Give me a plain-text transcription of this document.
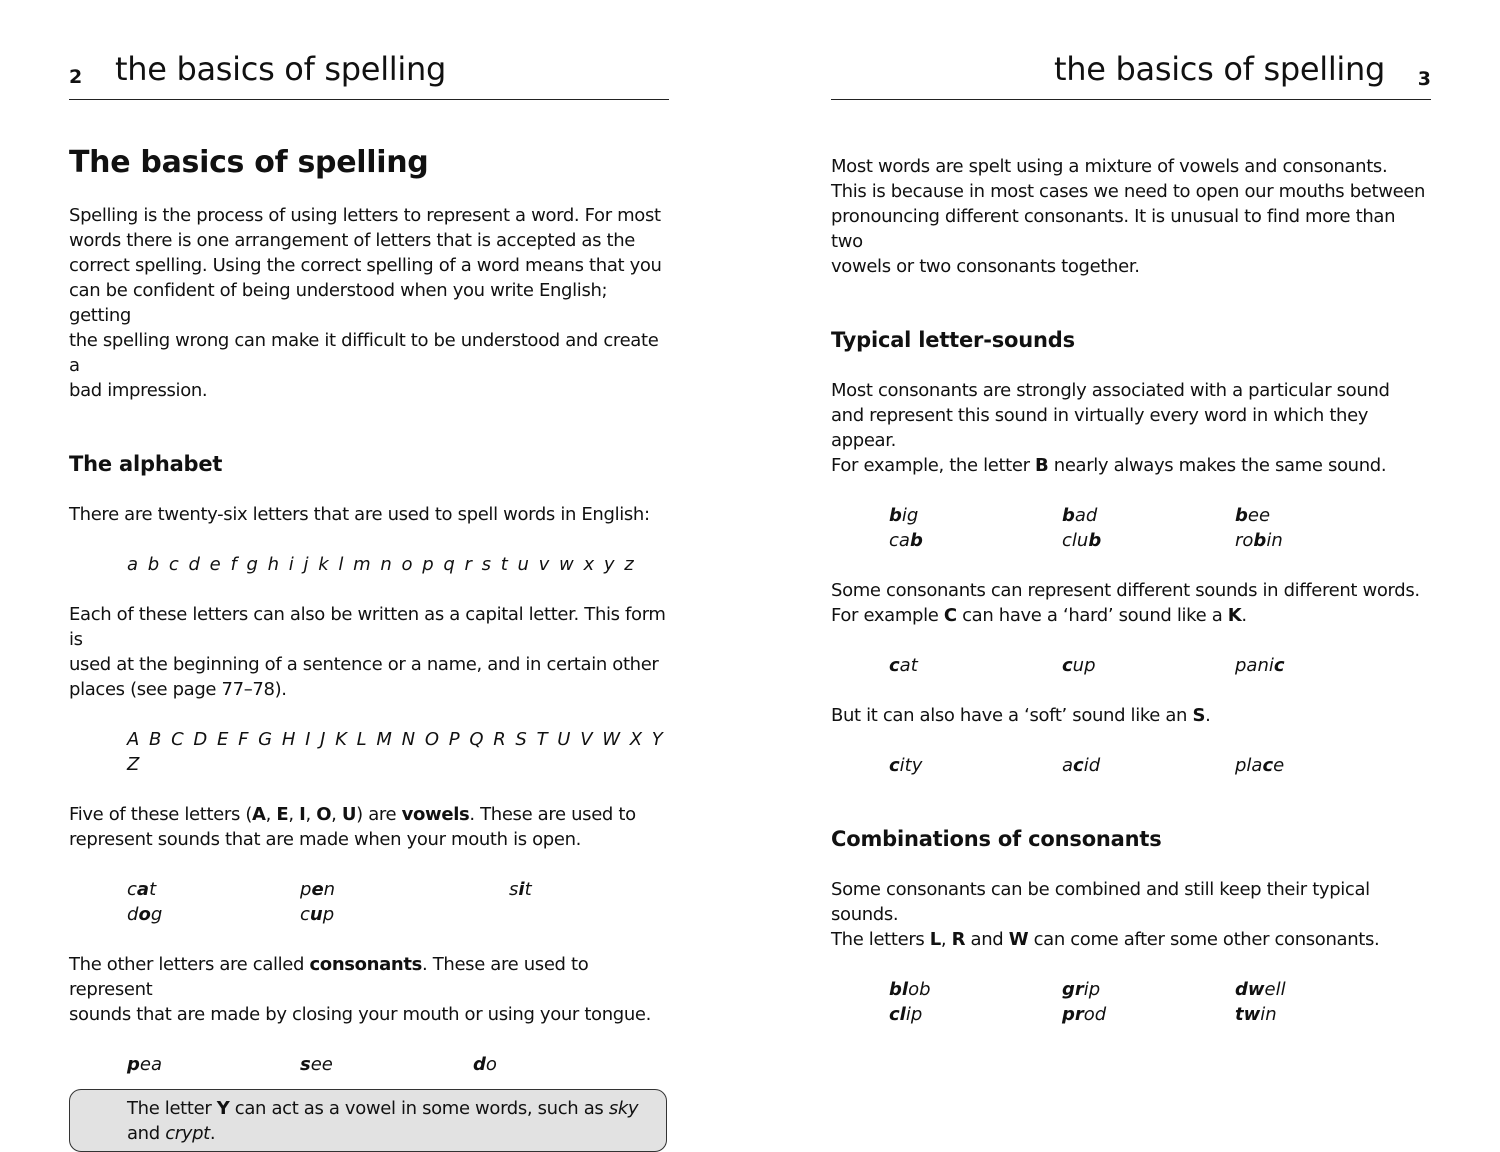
2 the basics of spelling
The basics of spelling

Spelling is the process of using letters to represent a word. For most

words there is one arrangement of letters that is accepted as the

correct spelling. Using the correct spelling of a word means that you

can be confident of being understood when you write English; getting

the spelling wrong can make it difficult to be understood and create a

bad impression.

The alphabet

There are twenty-six letters that are used to spell words in English:

a b c d e f g h i j k l m n o p q r s t u v w x y z

Each of these letters can also be written as a capital letter. This form is

used at the beginning of a sentence or a name, and in certain other

places (see page 77–78).

A B C D E F G H I J K L M N O P Q R S T U V W X Y Z

Five of these letters (A, E, I, O, U) are vowels. These are used to

represent sounds that are made when your mouth is open.

cat	pen	sit
dog	cup

The other letters are called consonants. These are used to represent

sounds that are made by closing your mouth or using your tongue.

pea	see	do

The letter Y can act as a vowel in some words, such as sky

and crypt.

the basics of spelling 3

Most words are spelt using a mixture of vowels and consonants.

This is because in most cases we need to open our mouths between

pronouncing different consonants. It is unusual to find more than two

vowels or two consonants together.

Typical letter-sounds

Most consonants are strongly associated with a particular sound

and represent this sound in virtually every word in which they appear.

For example, the letter B nearly always makes the same sound.

big	bad	bee
cab	club	robin

Some consonants can represent different sounds in different words.

For example C can have a ‘hard’ sound like a K.

cat	cup	panic

But it can also have a ‘soft’ sound like an S.

city	acid	place
Combinations of consonants

Some consonants can be combined and still keep their typical sounds.

The letters L, R and W can come after some other consonants.

blob	grip	dwell
clip	prod	twin
